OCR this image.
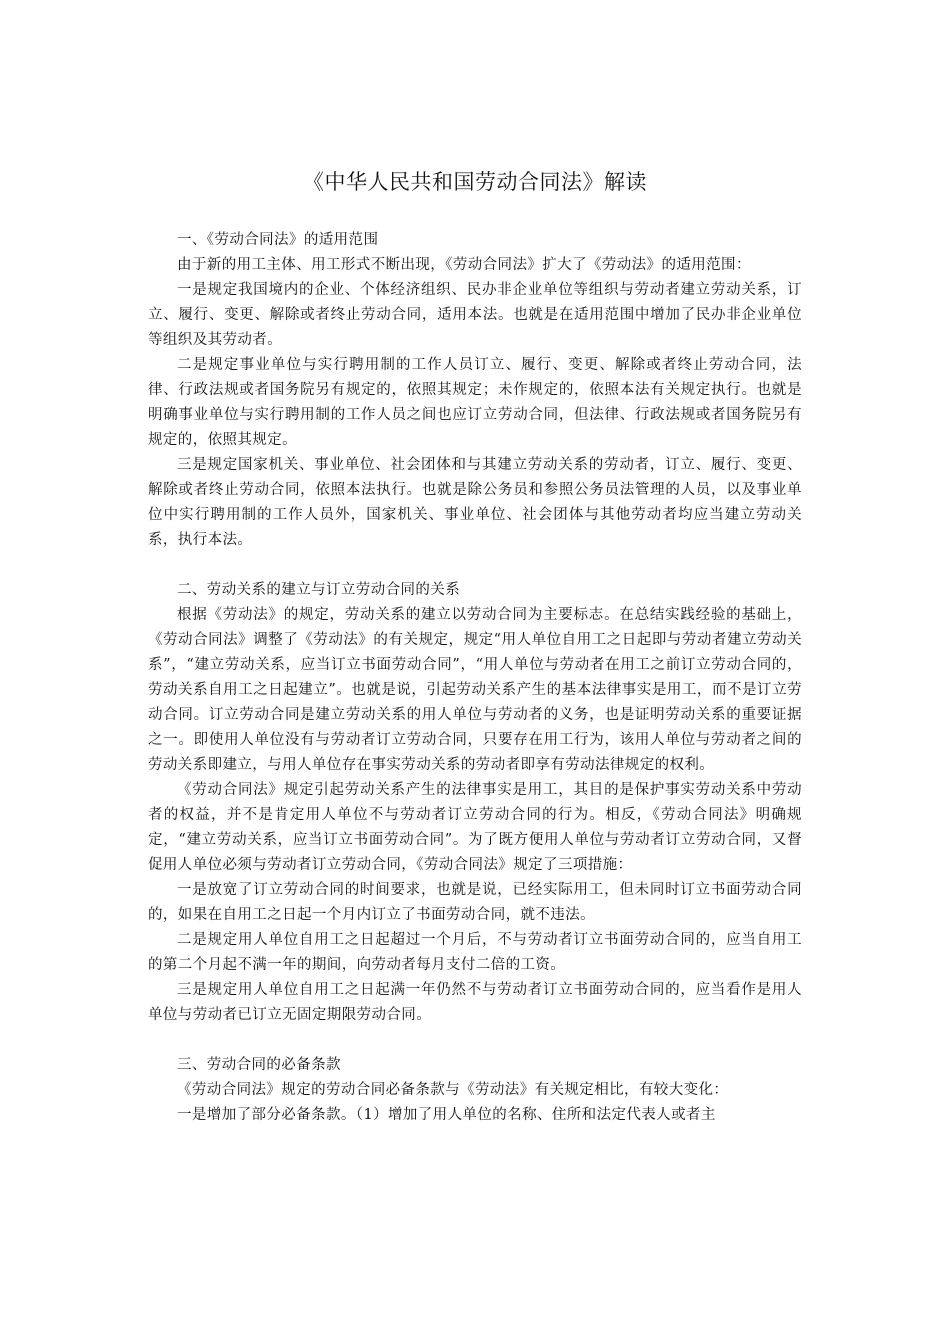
《中华人民共和国劳动合同法》解读

一、《劳动合同法》的适用范围

由于新的用工主体、用工形式不断出现，《劳动合同法》扩大了《劳动法》的适用范围：

一是规定我国境内的企业、个体经济组织、民办非企业单位等组织与劳动者建立劳动关系，订立、履行、变更、解除或者终止劳动合同，适用本法。也就是在适用范围中增加了民办非企业单位等组织及其劳动者。

二是规定事业单位与实行聘用制的工作人员订立、履行、变更、解除或者终止劳动合同，法律、行政法规或者国务院另有规定的，依照其规定；未作规定的，依照本法有关规定执行。也就是明确事业单位与实行聘用制的工作人员之间也应订立劳动合同，但法律、行政法规或者国务院另有规定的，依照其规定。

三是规定国家机关、事业单位、社会团体和与其建立劳动关系的劳动者，订立、履行、变更、解除或者终止劳动合同，依照本法执行。也就是除公务员和参照公务员法管理的人员，以及事业单位中实行聘用制的工作人员外，国家机关、事业单位、社会团体与其他劳动者均应当建立劳动关系，执行本法。

二、劳动关系的建立与订立劳动合同的关系

根据《劳动法》的规定，劳动关系的建立以劳动合同为主要标志。在总结实践经验的基础上，《劳动合同法》调整了《劳动法》的有关规定，规定“用人单位自用工之日起即与劳动者建立劳动关系”，“建立劳动关系，应当订立书面劳动合同”，“用人单位与劳动者在用工之前订立劳动合同的，劳动关系自用工之日起建立”。也就是说，引起劳动关系产生的基本法律事实是用工，而不是订立劳动合同。订立劳动合同是建立劳动关系的用人单位与劳动者的义务，也是证明劳动关系的重要证据之一。即使用人单位没有与劳动者订立劳动合同，只要存在用工行为，该用人单位与劳动者之间的劳动关系即建立，与用人单位存在事实劳动关系的劳动者即享有劳动法律规定的权利。

《劳动合同法》规定引起劳动关系产生的法律事实是用工，其目的是保护事实劳动关系中劳动者的权益，并不是肯定用人单位不与劳动者订立劳动合同的行为。相反，《劳动合同法》明确规定，“建立劳动关系，应当订立书面劳动合同”。为了既方便用人单位与劳动者订立劳动合同，又督促用人单位必须与劳动者订立劳动合同，《劳动合同法》规定了三项措施：

一是放宽了订立劳动合同的时间要求，也就是说，已经实际用工，但未同时订立书面劳动合同的，如果在自用工之日起一个月内订立了书面劳动合同，就不违法。

二是规定用人单位自用工之日起超过一个月后，不与劳动者订立书面劳动合同的，应当自用工的第二个月起不满一年的期间，向劳动者每月支付二倍的工资。

三是规定用人单位自用工之日起满一年仍然不与劳动者订立书面劳动合同的，应当看作是用人单位与劳动者已订立无固定期限劳动合同。

三、劳动合同的必备条款

《劳动合同法》规定的劳动合同必备条款与《劳动法》有关规定相比，有较大变化：

一是增加了部分必备条款。（1）增加了用人单位的名称、住所和法定代表人或者主
